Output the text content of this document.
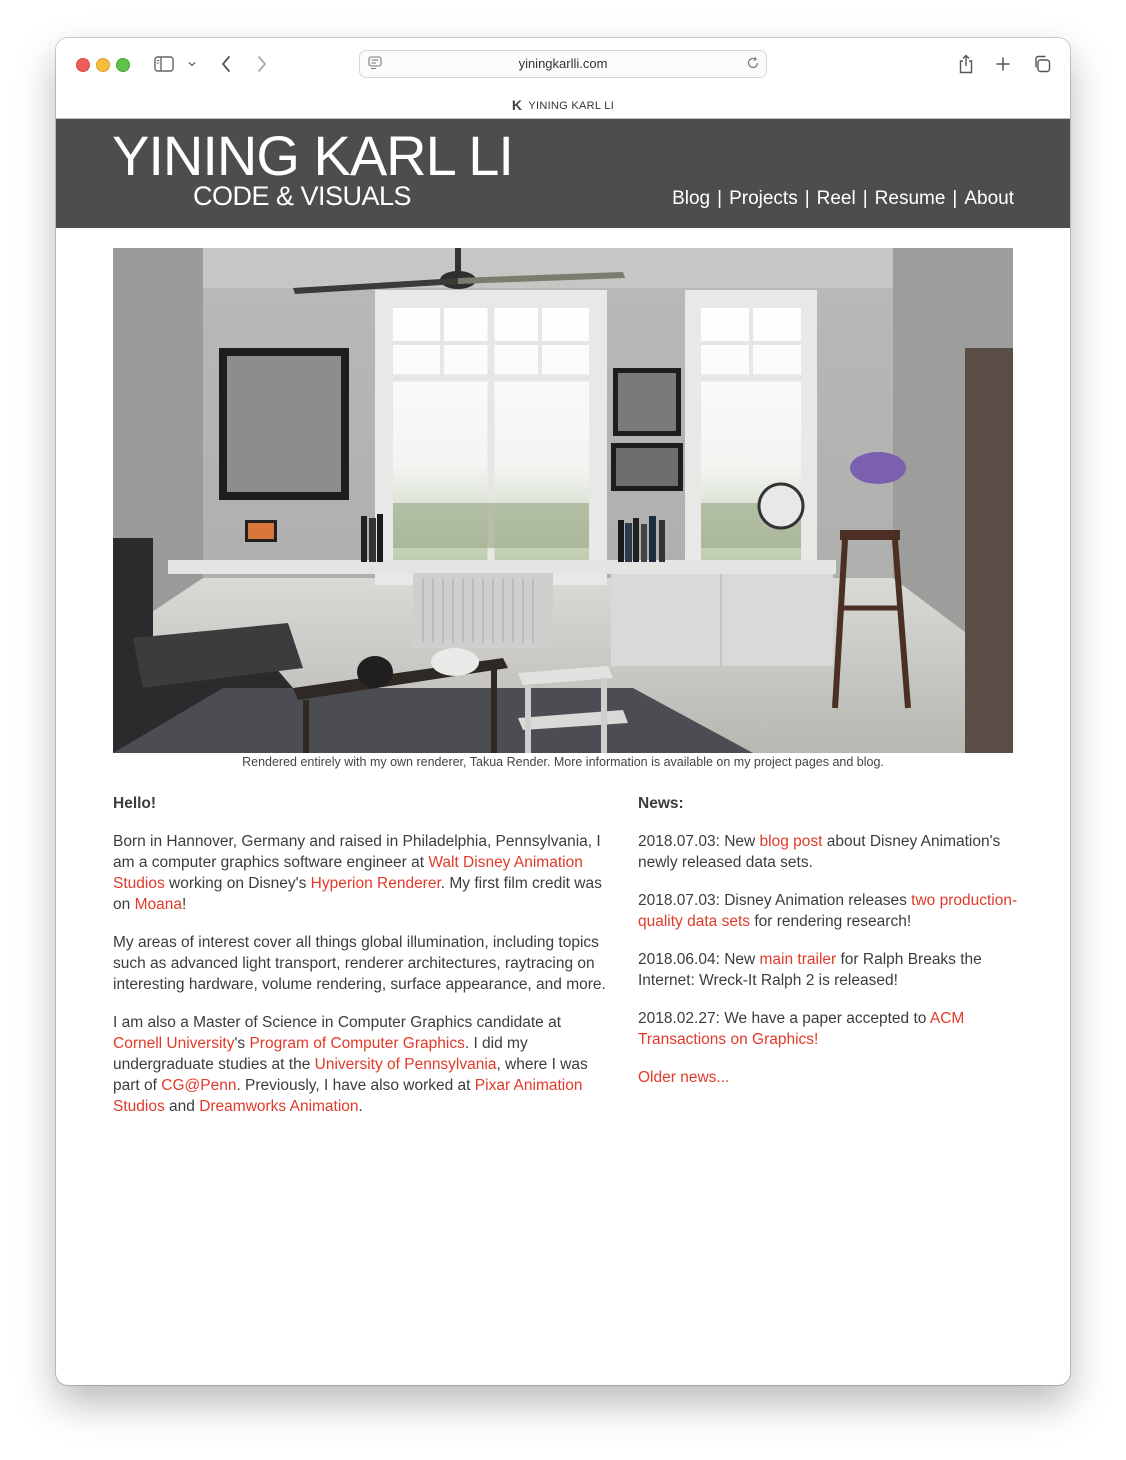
yiningkarlli.com
K YINING KARL LI
YINING KARL LI
CODE & VISUALS	Blog | Projects | Reel | Resume | About
Rendered entirely with my own renderer, Takua Render. More information is available on my project pages and blog.
Hello!

Born in Hannover, Germany and raised in Philadelphia, Pennsylvania, I am a computer graphics software engineer at Walt Disney Animation Studios working on Disney's Hyperion Renderer. My first film credit was on Moana!

My areas of interest cover all things global illumination, including topics such as advanced light transport, renderer architectures, raytracing on interesting hardware, volume rendering, surface appearance, and more.

I am also a Master of Science in Computer Graphics candidate at Cornell University's Program of Computer Graphics. I did my undergraduate studies at the University of Pennsylvania, where I was part of CG@Penn. Previously, I have also worked at Pixar Animation Studios and Dreamworks Animation.

News:

2018.07.03: New blog post about Disney Animation's newly released data sets.

2018.07.03: Disney Animation releases two production-quality data sets for rendering research!

2018.06.04: New main trailer for Ralph Breaks the Internet: Wreck-It Ralph 2 is released!

2018.02.27: We have a paper accepted to ACM Transactions on Graphics!

Older news...
